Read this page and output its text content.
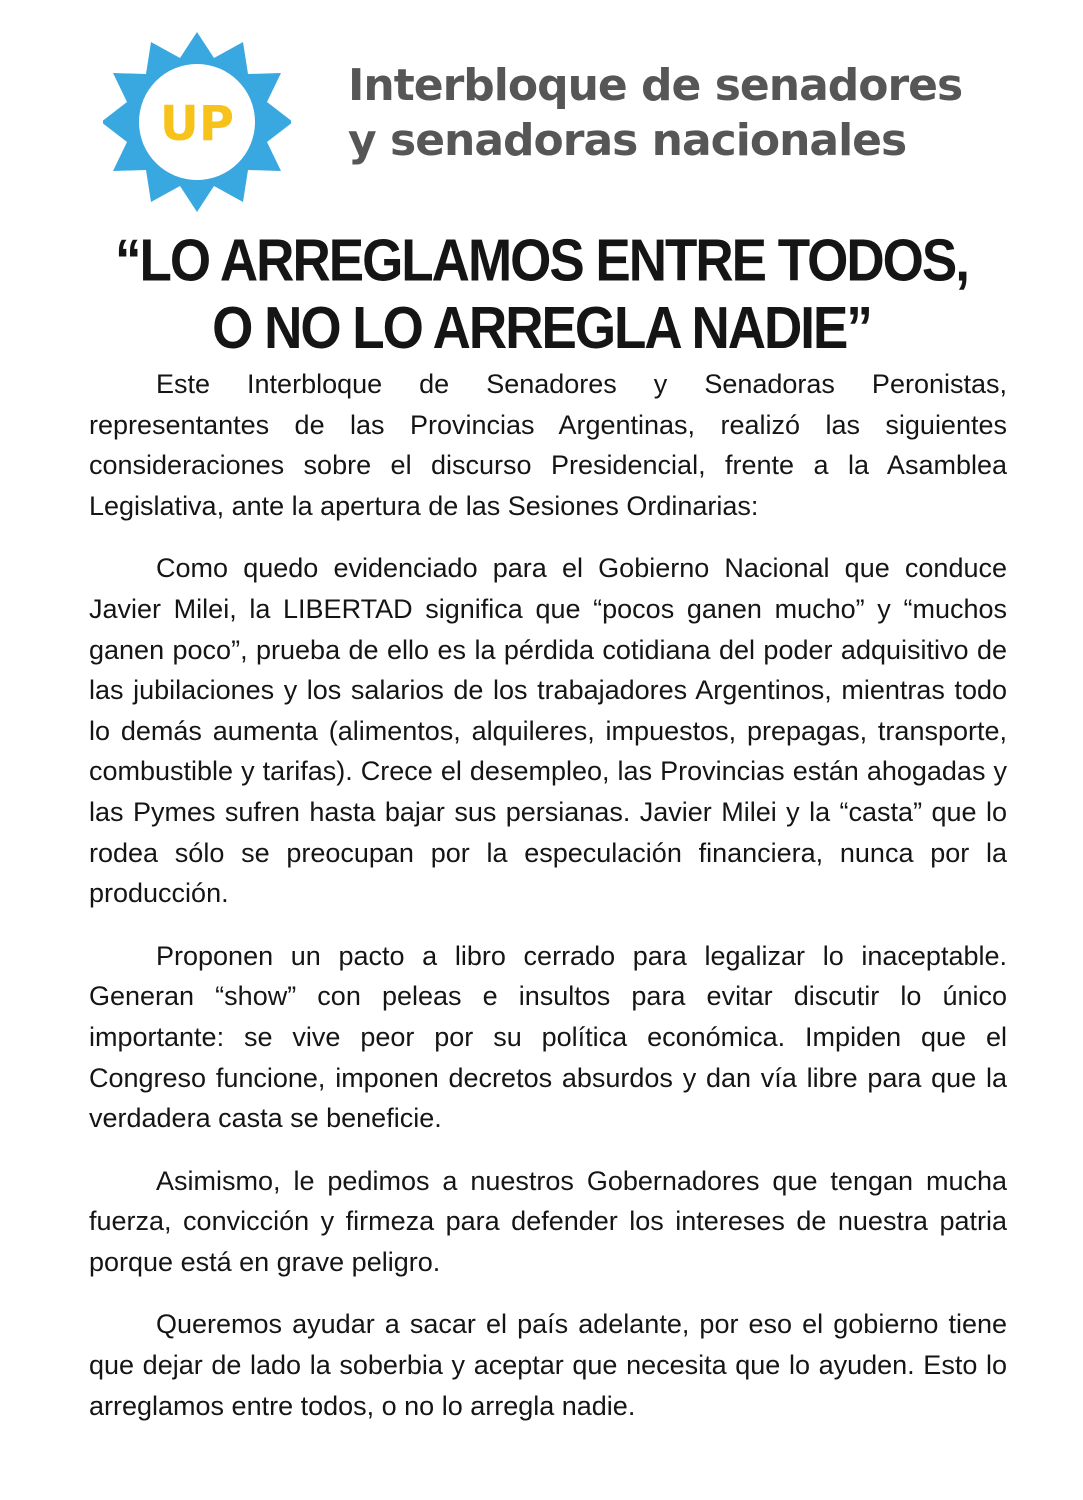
UP
Interbloque de senadores
y senadoras nacionales
“LO ARREGLAMOS ENTRE TODOS,
O NO LO ARREGLA NADIE”

Este Interbloque de Senadores y Senadoras Peronistas, representantes de las Provincias Argentinas, realizó las siguientes consideraciones sobre el discurso Presidencial, frente a la Asamblea Legislativa, ante la apertura de las Sesiones Ordinarias:

Como quedo evidenciado para el Gobierno Nacional que conduce Javier Milei, la LIBERTAD significa que “pocos ganen mucho” y “muchos ganen poco”, prueba de ello es la pérdida cotidiana del poder adquisitivo de las jubilaciones y los salarios de los trabajadores Argentinos, mientras todo lo demás aumenta (alimentos, alquileres, impuestos, prepagas, transporte, combustible y tarifas). Crece el desempleo, las Provincias están ahogadas y las Pymes sufren hasta bajar sus persianas. Javier Milei y la “casta” que lo rodea sólo se preocupan por la especulación financiera, nunca por la producción.

Proponen un pacto a libro cerrado para legalizar lo inaceptable. Generan “show” con peleas e insultos para evitar discutir lo único importante: se vive peor por su política económica. Impiden que el Congreso funcione, imponen decretos absurdos y dan vía libre para que la verdadera casta se beneficie.

Asimismo, le pedimos a nuestros Gobernadores que tengan mucha fuerza, convicción y firmeza para defender los intereses de nuestra patria porque está en grave peligro.

Queremos ayudar a sacar el país adelante, por eso el gobierno tiene que dejar de lado la soberbia y aceptar que necesita que lo ayuden. Esto lo arreglamos entre todos, o no lo arregla nadie.
